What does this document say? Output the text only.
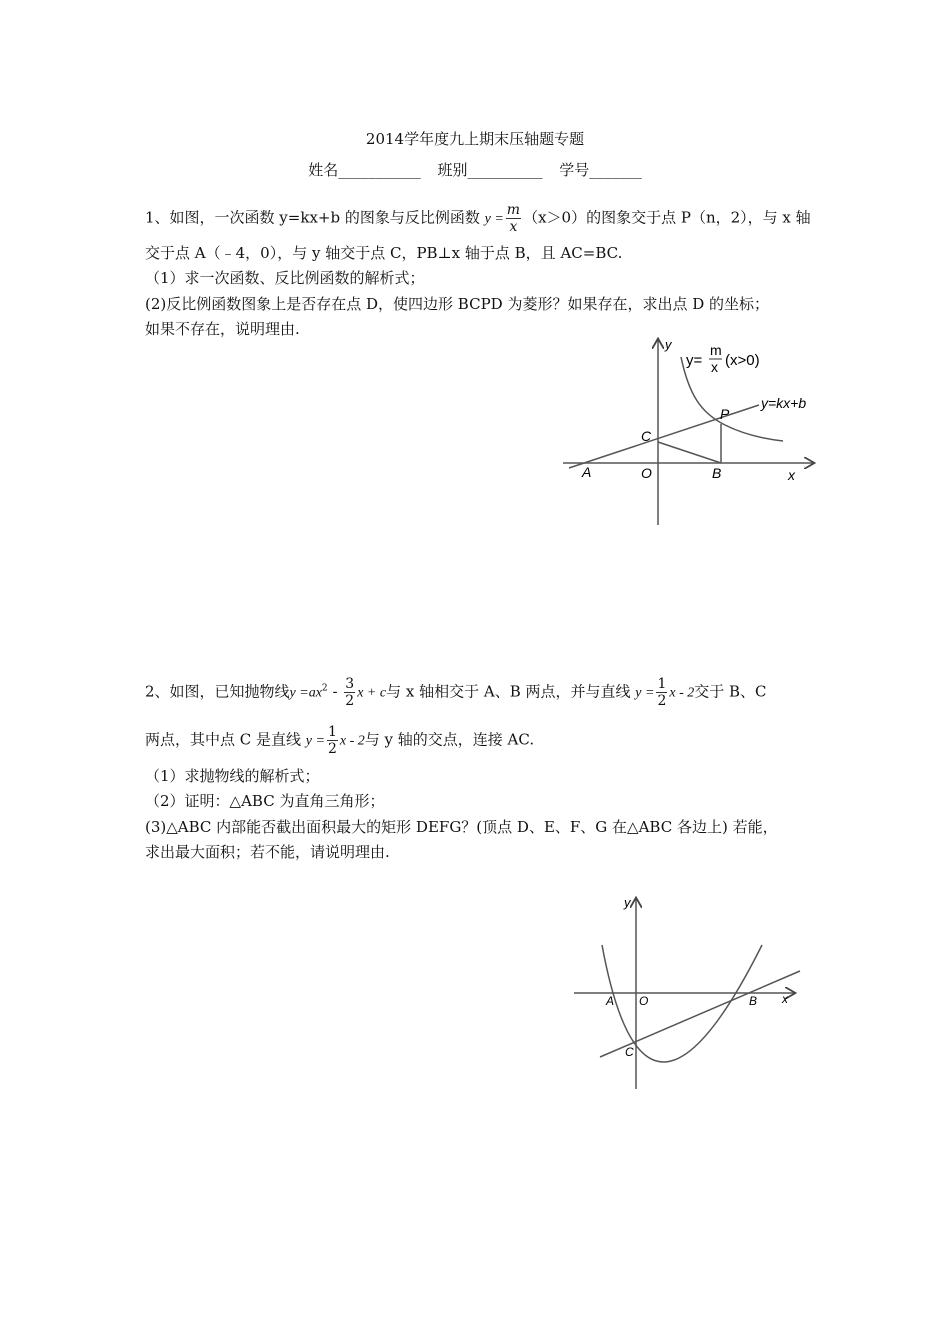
2014学年度九上期末压轴题专题
姓名___________ 班别__________ 学号_______
1、如图，一次函数 y=kx+b 的图象与反比例函数 $y = \frac{m}{x} (x>0)$的图象交于点 P（n，2），与 x 轴
交于点 A（﹣4，0），与 y 轴交于点 C，PB⊥x 轴于点 B，且 AC=BC.
（1）求一次函数、反比例函数的解析式；
(2)反比例函数图象上是否存在点 D，使四边形 BCPD 为菱形？如果存在，求出点 D 的坐标；
如果不存在，说明理由.
y
x
y=
m
x (x>0)
y=kx+b
A	O	B
C
P
2、如图，已知抛物线$y =ax^2 - \frac{3}{2}$ x + c与 x 轴相交于 A、B 两点，并与直线 $y = \frac{1}{2}$ x - 2交于 B、C
两点，其中点 C 是直线 $y = \frac{1}{2}$ x - 2与 y 轴的交点，连接 AC.
（1）求抛物线的解析式；
（2）证明：△ABC 为直角三角形；
(3)△ABC 内部能否截出面积最大的矩形 DEFG？(顶点 D、E、F、G 在△ABC 各边上) 若能，
求出最大面积；若不能，请说明理由.
y
x
A O	B
C
